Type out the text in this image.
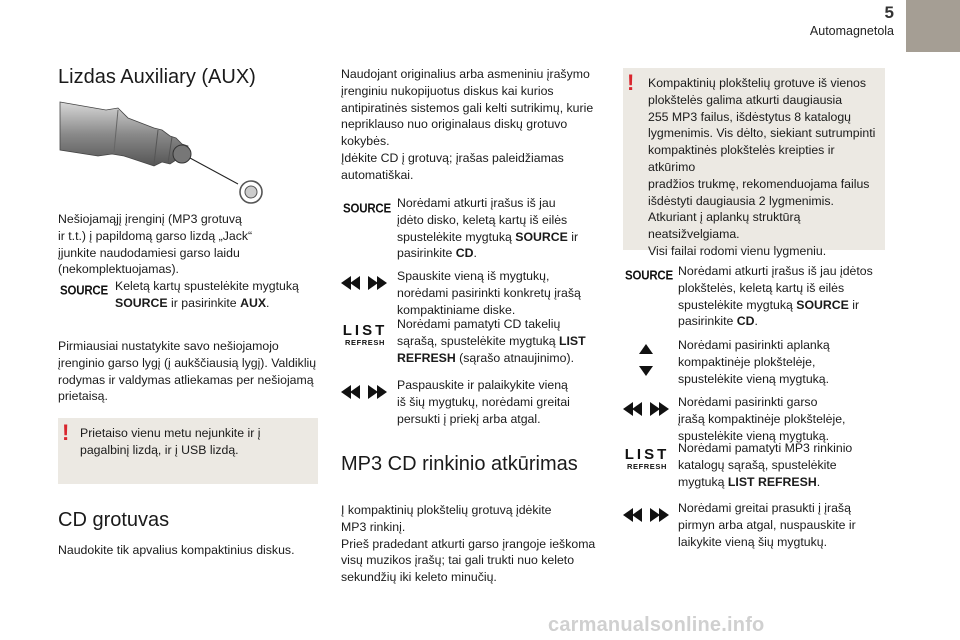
5
Automagnetola
Lizdas Auxiliary (AUX)
Nešiojamąjį įrenginį (MP3 grotuvą
ir t.t.) į papildomą garso lizdą „Jack“
įjunkite naudodamiesi garso laidu
(nekomplektuojamas).
SOURCE Keletą kartų spustelėkite mygtuką
SOURCE ir pasirinkite AUX.
Pirmiausiai nustatykite savo nešiojamojo
įrenginio garso lygį (į aukščiausią lygį). Valdiklių
rodymas ir valdymas atliekamas per nešiojamą
prietaisą.
! Prietaiso vienu metu nejunkite ir į
pagalbinį lizdą, ir į USB lizdą.
CD grotuvas
Naudokite tik apvalius kompaktinius diskus.
Naudojant originalius arba asmeniniu įrašymo
įrenginiu nukopijuotus diskus kai kurios
antipiratinės sistemos gali kelti sutrikimų, kurie
nepriklauso nuo originalaus diskų grotuvo
kokybės.
Įdėkite CD į grotuvą; įrašas paleidžiamas
automatiškai.
SOURCE Norėdami atkurti įrašus iš jau
įdėto disko, keletą kartų iš eilės
spustelėkite mygtuką SOURCE ir
pasirinkite CD.
Spauskite vieną iš mygtukų,
norėdami pasirinkti konkretų įrašą
kompaktiniame diske.
LIST
REFRESH
Norėdami pamatyti CD takelių
sąrašą, spustelėkite mygtuką LIST
REFRESH (sąrašo atnaujinimo).
Paspauskite ir palaikykite vieną
iš šių mygtukų, norėdami greitai
persukti į priekį arba atgal.
MP3 CD rinkinio atkūrimas
Į kompaktinių plokštelių grotuvą įdėkite
MP3 rinkinį.
Prieš pradedant atkurti garso įrangoje ieškoma
visų muzikos įrašų; tai gali trukti nuo keleto
sekundžių iki keleto minučių.
! Kompaktinių plokštelių grotuve iš vienos
plokštelės galima atkurti daugiausia
255 MP3 failus, išdėstytus 8 katalogų
lygmenimis. Vis dėlto, siekiant sutrumpinti
kompaktinės plokštelės kreipties ir atkūrimo
pradžios trukmę, rekomenduojama failus
išdėstyti daugiausia 2 lygmenimis.
Atkuriant į aplankų struktūrą
neatsižvelgiama.
Visi failai rodomi vienu lygmeniu.
SOURCE Norėdami atkurti įrašus iš jau įdėtos
plokštelės, keletą kartų iš eilės
spustelėkite mygtuką SOURCE ir
pasirinkite CD.
Norėdami pasirinkti aplanką
kompaktinėje plokštelėje,
spustelėkite vieną mygtuką.
Norėdami pasirinkti garso
įrašą kompaktinėje plokštelėje,
spustelėkite vieną mygtuką.
LIST
REFRESH
Norėdami pamatyti MP3 rinkinio
katalogų sąrašą, spustelėkite
mygtuką LIST REFRESH.
Norėdami greitai prasukti į įrašą
pirmyn arba atgal, nuspauskite ir
laikykite vieną šių mygtukų.
carmanualsonline.info
